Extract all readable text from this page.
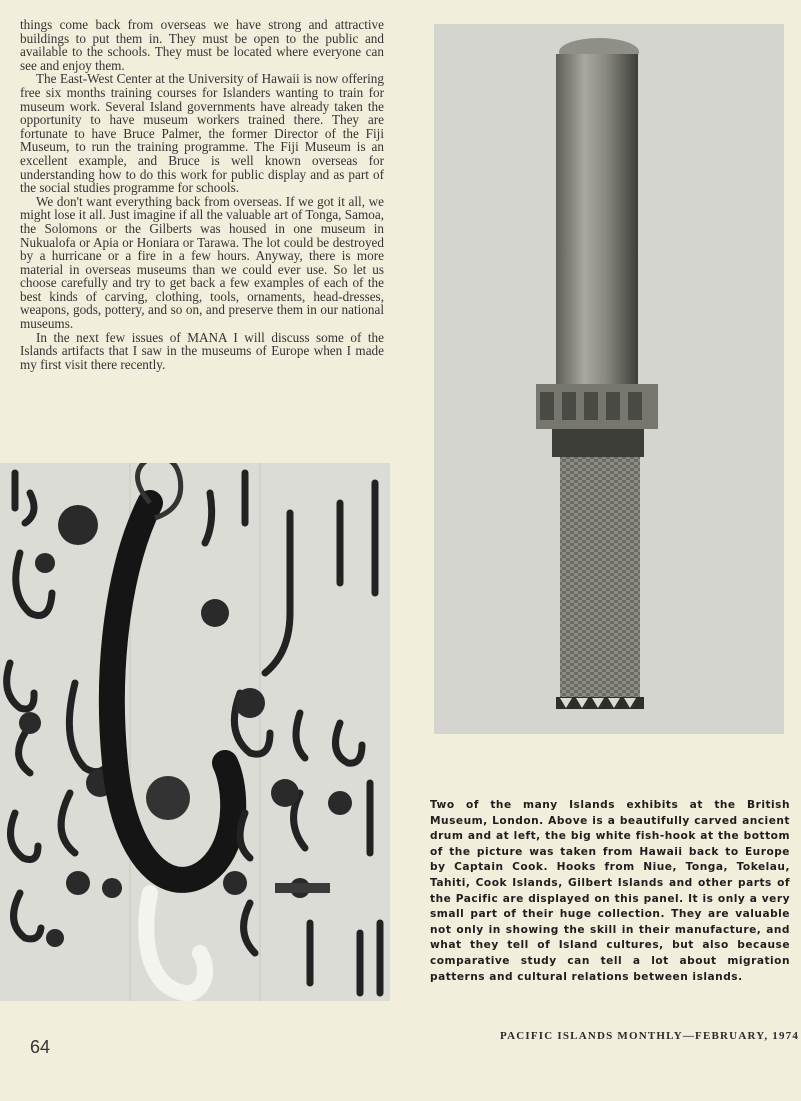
things come back from overseas we have strong and attractive buildings to put them in. They must be open to the public and available to the schools. They must be located where everyone can see and enjoy them.

The East-West Center at the University of Hawaii is now offering free six months training courses for Islanders wanting to train for museum work. Several Island governments have already taken the opportunity to have museum workers trained there. They are fortunate to have Bruce Palmer, the former Director of the Fiji Museum, to run the training programme. The Fiji Museum is an excellent example, and Bruce is well known overseas for understanding how to do this work for public display and as part of the social studies programme for schools.

We don't want everything back from overseas. If we got it all, we might lose it all. Just imagine if all the valuable art of Tonga, Samoa, the Solomons or the Gilberts was housed in one museum in Nukualofa or Apia or Honiara or Tarawa. The lot could be destroyed by a hurricane or a fire in a few hours. Anyway, there is more material in overseas museums than we could ever use. So let us choose carefully and try to get back a few examples of each of the best kinds of carving, clothing, tools, ornaments, head-dresses, weapons, gods, pottery, and so on, and preserve them in our national museums.

In the next few issues of MANA I will discuss some of the Islands artifacts that I saw in the museums of Europe when I made my first visit there recently.

Two of the many Islands exhibits at the British Museum, London. Above is a beautifully carved ancient drum and at left, the big white fish-hook at the bottom of the picture was taken from Hawaii back to Europe by Captain Cook. Hooks from Niue, Tonga, Tokelau, Tahiti, Cook Islands, Gilbert Islands and other parts of the Pacific are displayed on this panel. It is only a very small part of their huge collection. They are valuable not only in showing the skill in their manufacture, and what they tell of Island cultures, but also because comparative study can tell a lot about migration patterns and cultural relations between islands.
64
PACIFIC ISLANDS MONTHLY—FEBRUARY, 1974
